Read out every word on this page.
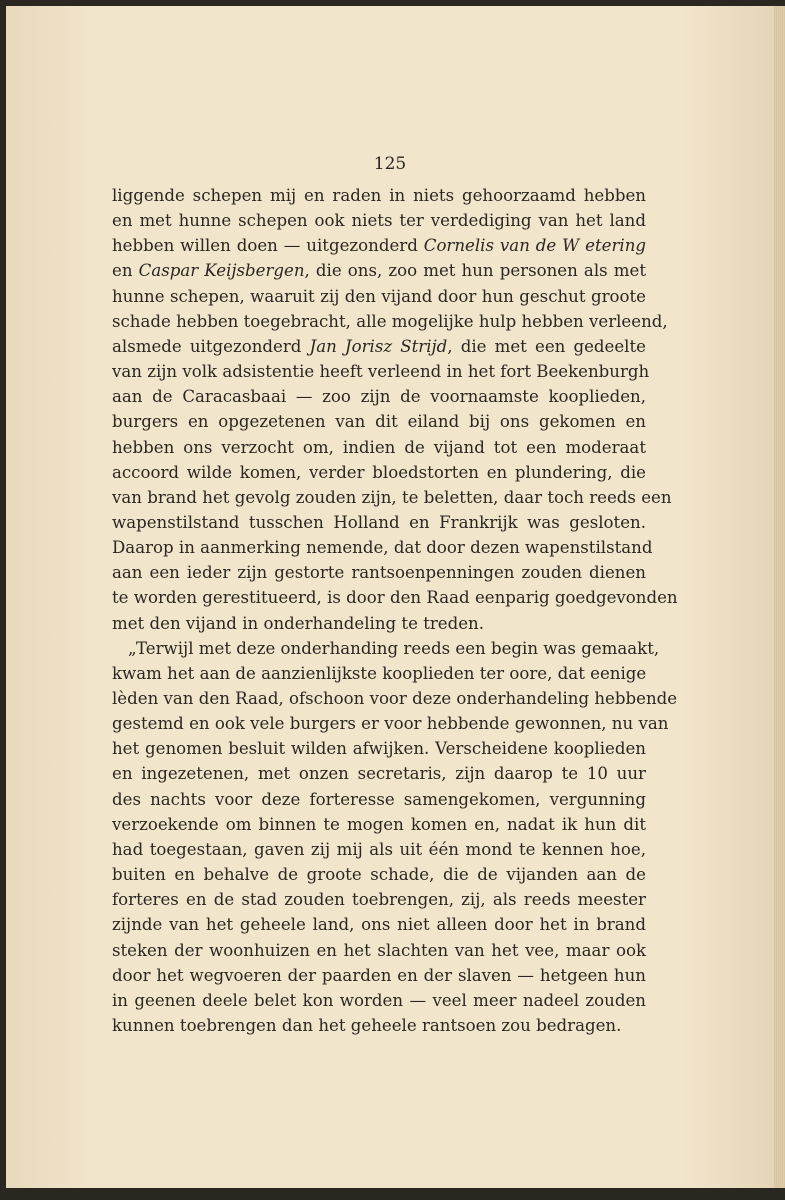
125
liggende schepen mij en raden in niets gehoorzaamd hebben
en met hunne schepen ook niets ter verdediging van het land
hebben willen doen — uitgezonderd Cornelis van de W etering
en Caspar Keijsbergen, die ons, zoo met hun personen als met
hunne schepen, waaruit zij den vijand door hun geschut groote
schade hebben toegebracht, alle mogelijke hulp hebben verleend,
alsmede uitgezonderd Jan Jorisz Strijd, die met een gedeelte
van zijn volk adsistentie heeft verleend in het fort Beekenburgh
aan de Caracasbaai — zoo zijn de voornaamste kooplieden,
burgers en opgezetenen van dit eiland bij ons gekomen en
hebben ons verzocht om, indien de vijand tot een moderaat
accoord wilde komen, verder bloedstorten en plundering, die
van brand het gevolg zouden zijn, te beletten, daar toch reeds een
wapenstilstand tusschen Holland en Frankrijk was gesloten.
Daarop in aanmerking nemende, dat door dezen wapenstilstand
aan een ieder zijn gestorte rantsoenpenningen zouden dienen
te worden gerestitueerd, is door den Raad eenparig goedgevonden
met den vijand in onderhandeling te treden.
„Terwijl met deze onderhanding reeds een begin was gemaakt,
kwam het aan de aanzienlijkste kooplieden ter oore, dat eenige
lèden van den Raad, ofschoon voor deze onderhandeling hebbende
gestemd en ook vele burgers er voor hebbende gewonnen, nu van
het genomen besluit wilden afwijken. Verscheidene kooplieden
en ingezetenen, met onzen secretaris, zijn daarop te 10 uur
des nachts voor deze forteresse samengekomen, vergunning
verzoekende om binnen te mogen komen en, nadat ik hun dit
had toegestaan, gaven zij mij als uit één mond te kennen hoe,
buiten en behalve de groote schade, die de vijanden aan de
forteres en de stad zouden toebrengen, zij, als reeds meester
zijnde van het geheele land, ons niet alleen door het in brand
steken der woonhuizen en het slachten van het vee, maar ook
door het wegvoeren der paarden en der slaven — hetgeen hun
in geenen deele belet kon worden — veel meer nadeel zouden
kunnen toebrengen dan het geheele rantsoen zou bedragen.
